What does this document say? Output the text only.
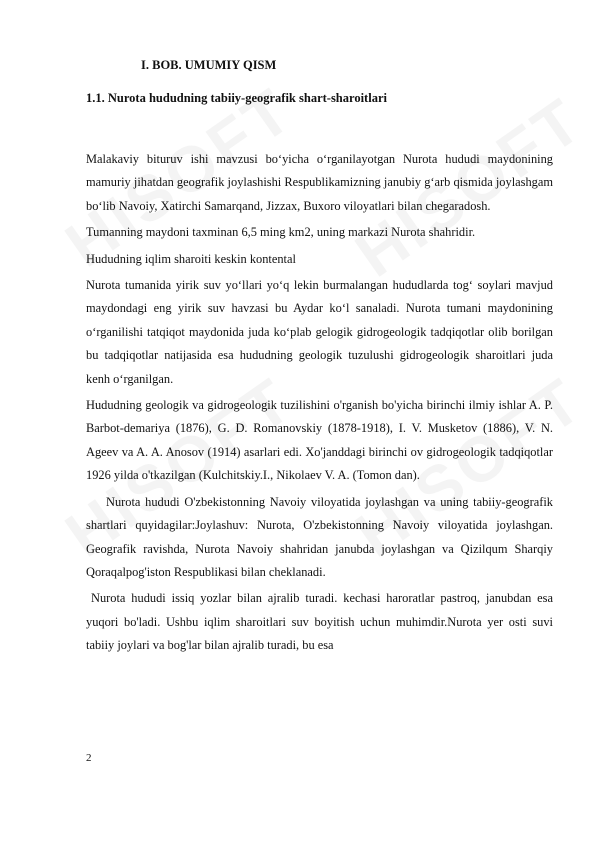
I. BOB. UMUMIY QISM
1.1. Nurota hududning tabiiy-geografik shart-sharoitlari

Malakaviy bituruv ishi mavzusi bo‘yicha o‘rganilayotgan Nurota hududi maydonining mamuriy jihatdan geografik joylashishi Respublikamizning janubiy g‘arb qismida joylashgam bo‘lib Navoiy, Xatirchi Samarqand, Jizzax, Buxoro viloyatlari bilan chegaradosh.

Tumanning maydoni taxminan 6,5 ming km2, uning markazi Nurota shahridir.

Hududning iqlim sharoiti keskin kontental

Nurota tumanida yirik suv yo‘llari yo‘q lekin burmalangan hududlarda tog‘ soylari mavjud maydondagi eng yirik suv havzasi bu Aydar ko‘l sanaladi. Nurota tumani maydonining o‘rganilishi tatqiqot maydonida juda ko‘plab gelogik gidrogeologik tadqiqotlar olib borilgan bu tadqiqotlar natijasida esa hududning geologik tuzulushi gidrogeologik sharoitlari juda kenh o‘rganilgan.

Hududning geologik va gidrogeologik tuzilishini o'rganish bo'yicha birinchi ilmiy ishlar A. P. Barbot-demariya (1876), G. D. Romanovskiy (1878-1918), I. V. Musketov (1886), V. N. Ageev va A. A. Anosov (1914) asarlari edi. Xo'janddagi birinchi ov gidrogeologik tadqiqotlar 1926 yilda o'tkazilgan (Kulchitskiy.I., Nikolaev V. A. (Tomon dan).

Nurota hududi O'zbekistonning Navoiy viloyatida joylashgan va uning tabiiy-geografik shartlari quyidagilar:Joylashuv: Nurota, O'zbekistonning Navoiy viloyatida joylashgan. Geografik ravishda, Nurota Navoiy shahridan janubda joylashgan va Qizilqum Sharqiy Qoraqalpog'iston Respublikasi bilan cheklanadi.

Nurota hududi issiq yozlar bilan ajralib turadi. kechasi haroratlar pastroq, janubdan esa yuqori bo'ladi. Ushbu iqlim sharoitlari suv boyitish uchun muhimdir.Nurota yer osti suvi tabiiy joylari va bog'lar bilan ajralib turadi, bu esa

2
